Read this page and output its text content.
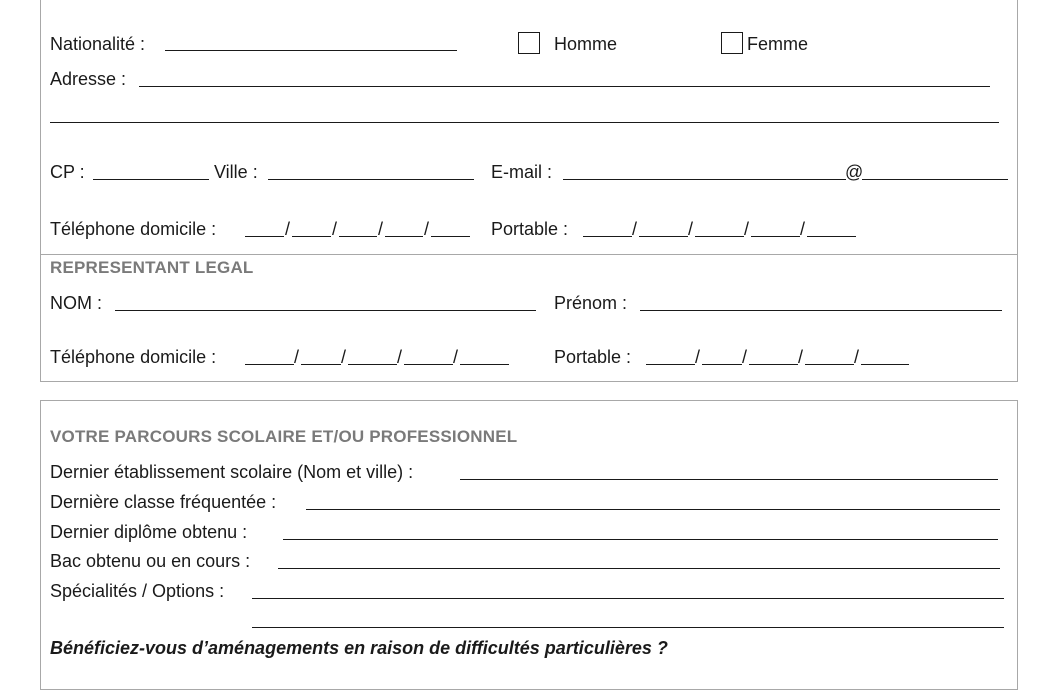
Nationalité :	Homme	Femme
Adresse :
CP :	Ville :	E-mail :	@
Téléphone domicile :	/ / / /	Portable :	/	/	/	/
REPRESENTANT LEGAL
NOM :	Prénom :
Téléphone domicile :	/ /	/	/	Portable :	/ /	/	/
VOTRE PARCOURS SCOLAIRE ET/OU PROFESSIONNEL
Dernier établissement scolaire (Nom et ville) :
Dernière classe fréquentée :
Dernier diplôme obtenu :
Bac obtenu ou en cours :
Spécialités / Options :
Bénéficiez-vous d’aménagements en raison de difficultés particulières ?
